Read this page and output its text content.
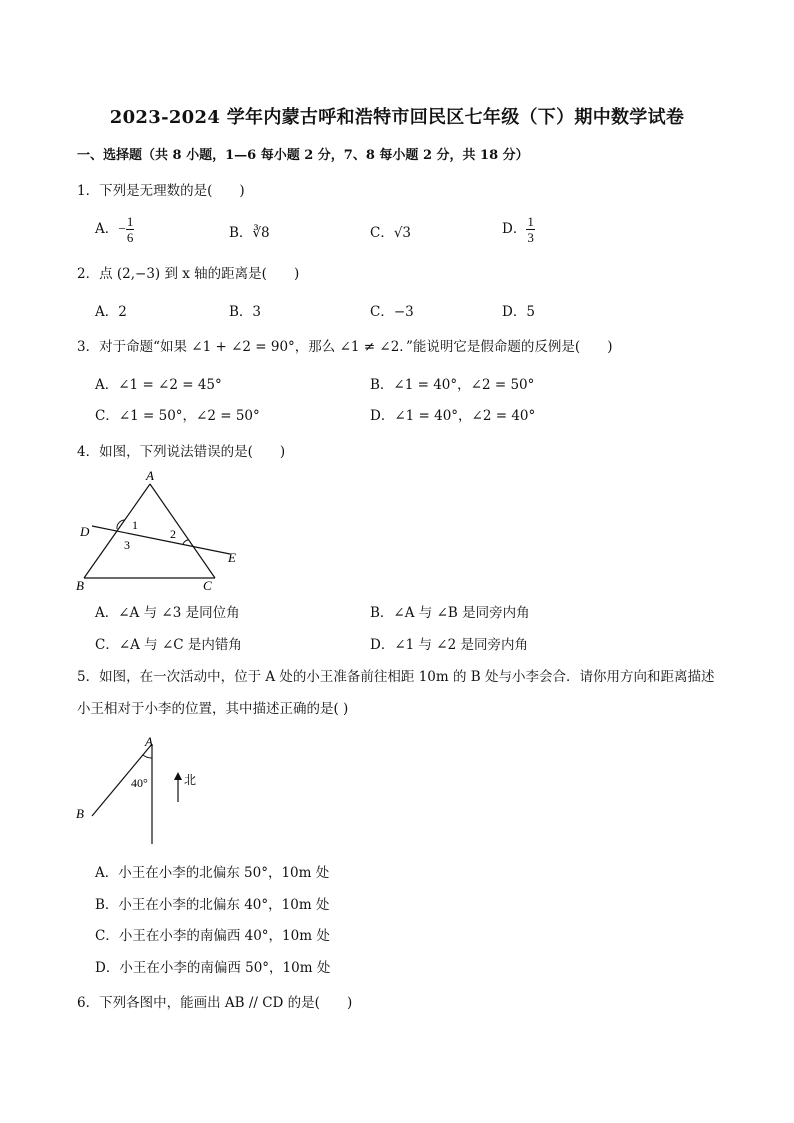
2023-2024 学年内蒙古呼和浩特市回民区七年级（下）期中数学试卷
一、选择题（共 8 小题，1—6 每小题 2 分，7、8 每小题 2 分，共 18 分）
1．下列是无理数的是(　　)
A．− $\frac{1}{6}$	B．∛8	C．√3	D． $\frac{1}{3}$
2．点 (2,−3) 到 x 轴的距离是(　　)
A．2	B．3	C．−3	D．5
3．对于命题“如果 ∠1 + ∠2 = 90°，那么 ∠1 ≠ ∠2．”能说明它是假命题的反例是(　　)
A．∠1 = ∠2 = 45°	B．∠1 = 40°，∠2 = 50°
C．∠1 = 50°，∠2 = 50°	D．∠1 = 40°，∠2 = 40°
4．如图，下列说法错误的是(　　)
A
B	C
D
E
1
2
3
A．∠A 与 ∠3 是同位角	B．∠A 与 ∠B 是同旁内角
C．∠A 与 ∠C 是内错角	D．∠1 与 ∠2 是同旁内角
5．如图，在一次活动中，位于 A 处的小王准备前往相距 10m 的 B 处与小李会合．请你用方向和距离描述
小王相对于小李的位置，其中描述正确的是( )
A
B
40°	北
A．小王在小李的北偏东 50°，10m 处
B．小王在小李的北偏东 40°，10m 处
C．小王在小李的南偏西 40°，10m 处
D．小王在小李的南偏西 50°，10m 处
6．下列各图中，能画出 AB // CD 的是(　　)
